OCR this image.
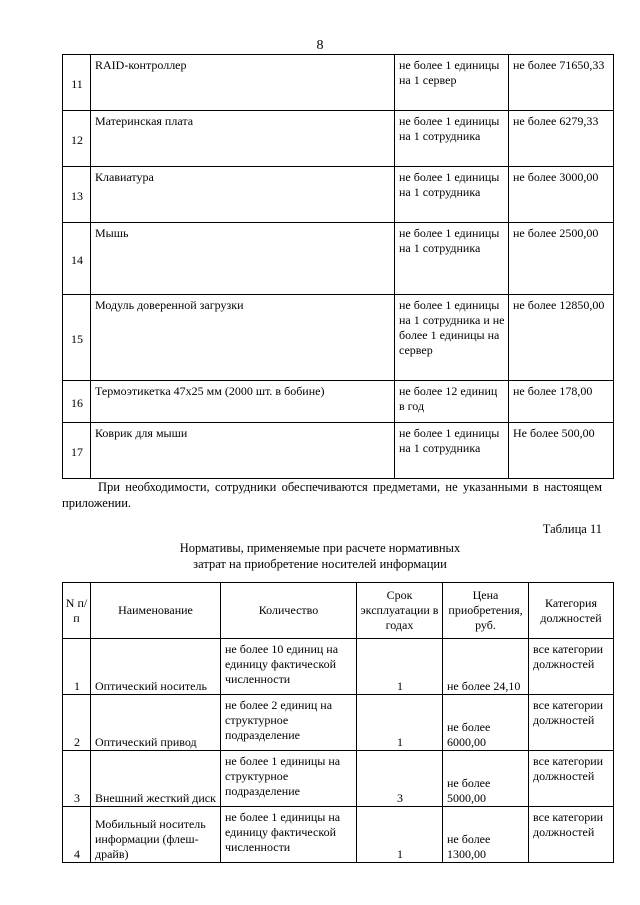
8
11	RAID-контроллер	не более 1 единицы на 1 сервер	не более 71650,33
12	Материнская плата	не более 1 единицы на 1 сотрудника	не более 6279,33
13	Клавиатура	не более 1 единицы на 1 сотрудника	не более 3000,00
14	Мышь	не более 1 единицы на 1 сотрудника	не более 2500,00
15	Модуль доверенной загрузки	не более 1 единицы на 1 сотрудника и не более 1 единицы на сервер	не более 12850,00
16	Термоэтикетка 47х25 мм (2000 шт. в бобине)	не более 12 единиц в год	не более 178,00
17	Коврик для мыши	не более 1 единицы на 1 сотрудника	Не более 500,00
При необходимости, сотрудники обеспечиваются предметами, не указанными в настоящем приложении.
Таблица 11
Нормативы, применяемые при расчете нормативных
затрат на приобретение носителей информации
N п/п	Наименование	Количество	Срок эксплуатации в годах	Цена приобретения, руб.	Категория должностей
1	Оптический носитель	не более 10 единиц на единицу фактической численности	1	не более 24,10	все категории должностей
2	Оптический привод	не более 2 единиц на структурное подразделение	1	не более 6000,00	все категории должностей
3	Внешний жесткий диск	не более 1 единицы на структурное подразделение	3	не более 5000,00	все категории должностей
4	Мобильный носитель информации (флеш-драйв)	не более 1 единицы на единицу фактической численности	1	не более 1300,00	все категории должностей
